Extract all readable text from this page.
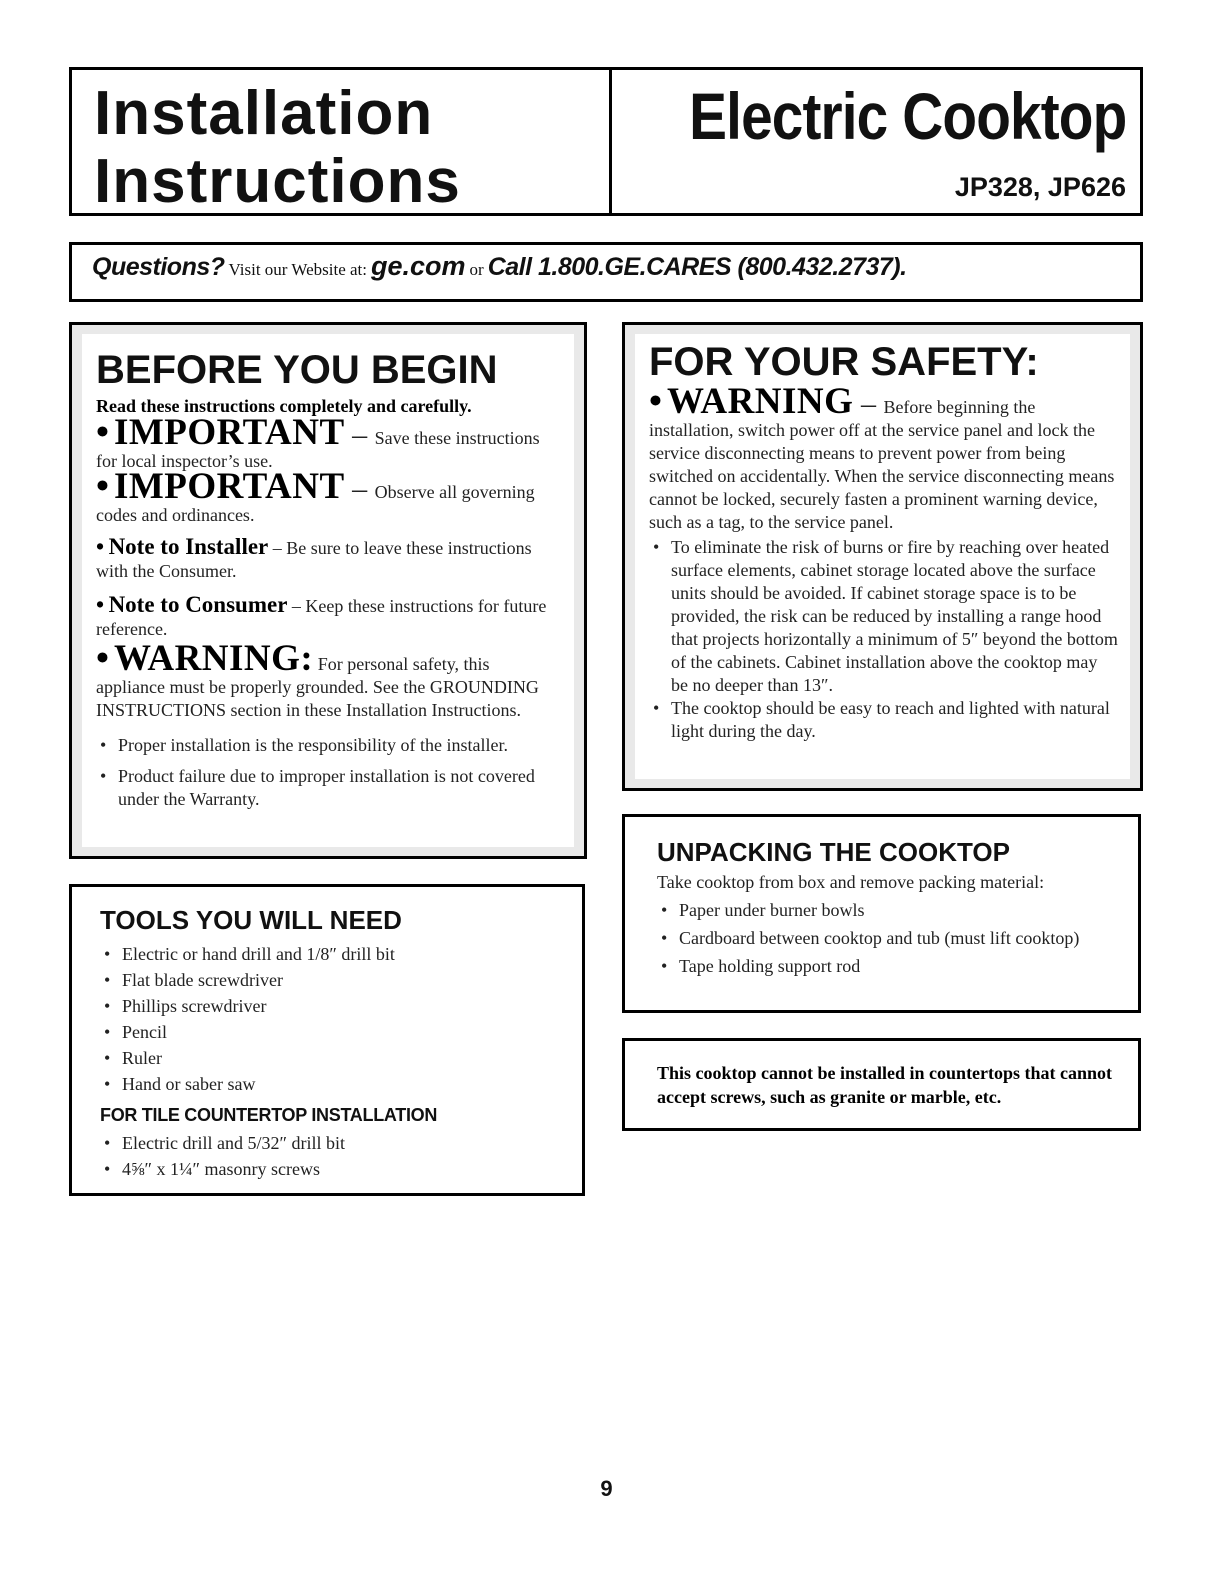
Installation
Instructions
Electric Cooktop
JP328, JP626
Questions? Visit our Website at: ge.com or Call 1.800.GE.CARES (800.432.2737).
BEFORE YOU BEGIN
Read these instructions completely and carefully.
• IMPORTANT – Save these instructions for local inspector’s use.
• IMPORTANT – Observe all governing codes and ordinances.
• Note to Installer – Be sure to leave these instructions with the Consumer.
• Note to Consumer – Keep these instructions for future reference.
• WARNING: For personal safety, this appliance must be properly grounded. See the GROUNDING INSTRUCTIONS section in these Installation Instructions.
• Proper installation is the responsibility of the installer.
• Product failure due to improper installation is not covered under the Warranty.
TOOLS YOU WILL NEED
• Electric or hand drill and 1/8″ drill bit
• Flat blade screwdriver
• Phillips screwdriver
• Pencil
• Ruler
• Hand or saber saw
FOR TILE COUNTERTOP INSTALLATION
• Electric drill and 5/32″ drill bit
• 4⅝″ x 1¼″ masonry screws
FOR YOUR SAFETY:
• WARNING – Before beginning the installation, switch power off at the service panel and lock the service disconnecting means to prevent power from being switched on accidentally. When the service disconnecting means cannot be locked, securely fasten a prominent warning device, such as a tag, to the service panel.
• To eliminate the risk of burns or fire by reaching over heated surface elements, cabinet storage located above the surface units should be avoided. If cabinet storage space is to be provided, the risk can be reduced by installing a range hood that projects horizontally a minimum of 5″ beyond the bottom of the cabinets. Cabinet installation above the cooktop may be no deeper than 13″.
• The cooktop should be easy to reach and lighted with natural light during the day.
UNPACKING THE COOKTOP
Take cooktop from box and remove packing material:
• Paper under burner bowls
• Cardboard between cooktop and tub (must lift cooktop)
• Tape holding support rod
This cooktop cannot be installed in countertops that cannot accept screws, such as granite or marble, etc.
9
